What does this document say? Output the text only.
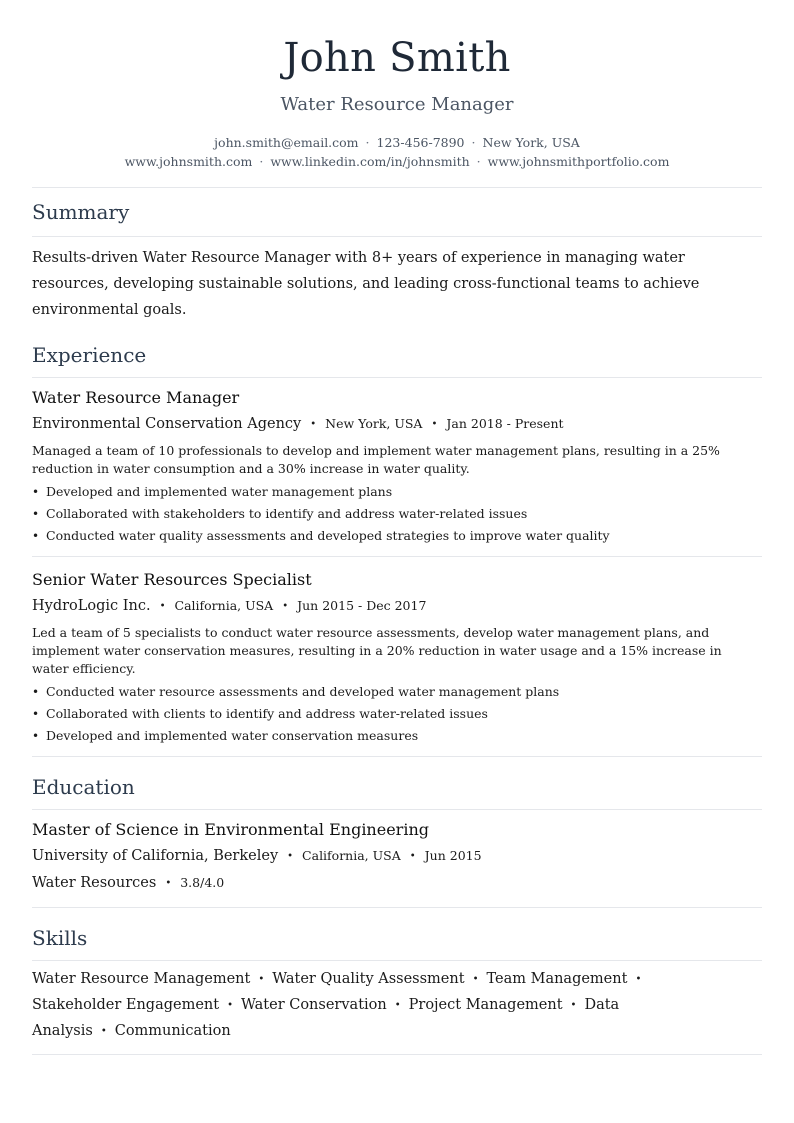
John Smith
Water Resource Manager
john.smith@email.com · 123-456-7890 · New York, USA
www.johnsmith.com · www.linkedin.com/in/johnsmith · www.johnsmithportfolio.com
Summary

Results-driven Water Resource Manager with 8+ years of experience in managing water resources, developing sustainable solutions, and leading cross-functional teams to achieve environmental goals.

Experience
Water Resource Manager
Environmental Conservation Agency • New York, USA • Jan 2018 - Present
Managed a team of 10 professionals to develop and implement water management plans, resulting in a 25% reduction in water consumption and a 30% increase in water quality.
• Developed and implemented water management plans
• Collaborated with stakeholders to identify and address water-related issues
• Conducted water quality assessments and developed strategies to improve water quality
Senior Water Resources Specialist
HydroLogic Inc. • California, USA • Jun 2015 - Dec 2017
Led a team of 5 specialists to conduct water resource assessments, develop water management plans, and implement water conservation measures, resulting in a 20% reduction in water usage and a 15% increase in water efficiency.
• Conducted water resource assessments and developed water management plans
• Collaborated with clients to identify and address water-related issues
• Developed and implemented water conservation measures
Education
Master of Science in Environmental Engineering
University of California, Berkeley • California, USA • Jun 2015
Water Resources • 3.8/4.0
Skills
Water Resource Management • Water Quality Assessment • Team Management •
Stakeholder Engagement • Water Conservation • Project Management • Data Analysis • Communication
